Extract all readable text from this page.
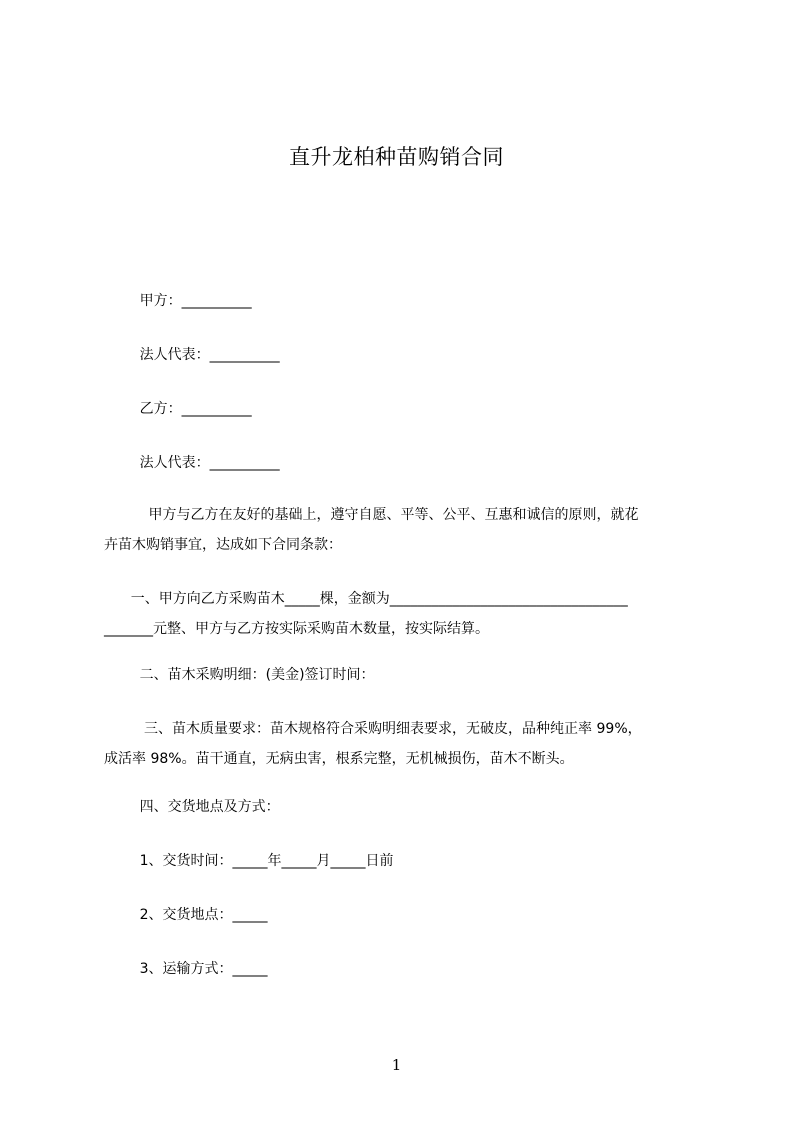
直升龙柏种苗购销合同
甲方：__________
法人代表：__________
乙方：__________
法人代表：__________
甲方与乙方在友好的基础上，遵守自愿、平等、公平、互惠和诚信的原则，就花
卉苗木购销事宜，达成如下合同条款：
一、甲方向乙方采购苗木_____棵，金额为__________________________________
_______元整、甲方与乙方按实际采购苗木数量，按实际结算。
二、苗木采购明细：(美金)签订时间：
三、苗木质量要求：苗木规格符合采购明细表要求，无破皮，品种纯正率 99%，
成活率 98%。苗干通直，无病虫害，根系完整，无机械损伤，苗木不断头。
四、交货地点及方式：
1、交货时间：_____年_____月_____日前
2、交货地点：_____
3、运输方式：_____
1
